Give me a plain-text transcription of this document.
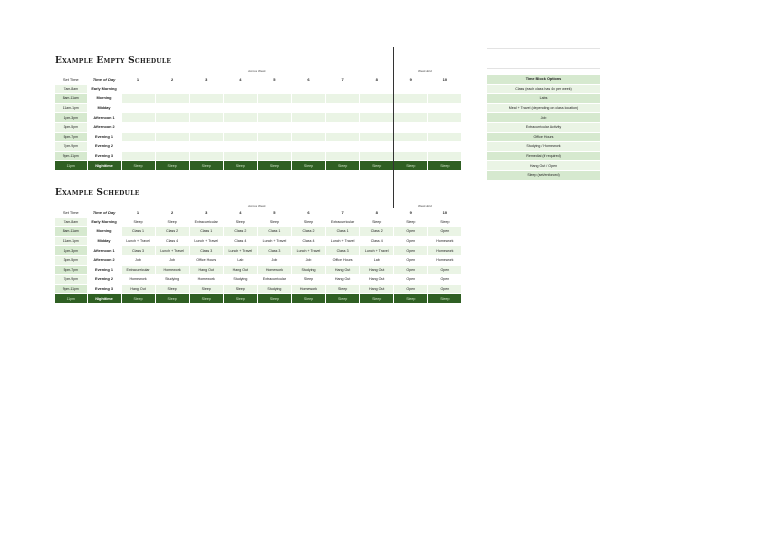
Example Empty Schedule
Across Week	Week End
Set Time	Time of Day	1	2	3	4	5	6	7	8	9	10
7am-8am	Early Morning										
8am-11am	Morning										
11am-1pm	Midday										
1pm-3pm	Afternoon 1										
3pm-5pm	Afternoon 2										
5pm-7pm	Evening 1										
7pm-9pm	Evening 2										
9pm-11pm	Evening 3										
11pm	Nighttime	Sleep	Sleep	Sleep	Sleep	Sleep	Sleep	Sleep	Sleep	Sleep	Sleep
Time Block Options
Class (each class has 4x per week)
Labs
Meal + Travel (depending on class location)
Job
Extracurricular Activity
Office Hours
Studying / Homework
Remedial (if required)
Hang Out / Open
Sleep (set/enforced)
Example Schedule
Across Week	Week End
Set Time	Time of Day	1	2	3	4	5	6	7	8	9	10
7am-8am	Early Morning	Sleep	Sleep	Extracurricular	Sleep	Sleep	Sleep	Extracurricular	Sleep	Sleep	Sleep
8am-11am	Morning	Class 1	Class 2	Class 1	Class 2	Class 1	Class 2	Class 1	Class 2	Open	Open
11am-1pm	Midday	Lunch + Travel	Class 4	Lunch + Travel	Class 4	Lunch + Travel	Class 4	Lunch + Travel	Class 4	Open	Homework
1pm-3pm	Afternoon 1	Class 3	Lunch + Travel	Class 3	Lunch + Travel	Class 3	Lunch + Travel	Class 3	Lunch + Travel	Open	Homework
3pm-5pm	Afternoon 2	Job	Job	Office Hours	Lab	Job	Job	Office Hours	Lab	Open	Homework
5pm-7pm	Evening 1	Extracurricular	Homework	Hang Out	Hang Out	Homework	Studying	Hang Out	Hang Out	Open	Open
7pm-9pm	Evening 2	Homework	Studying	Homework	Studying	Extracurricular	Sleep	Hang Out	Hang Out	Open	Open
9pm-11pm	Evening 3	Hang Out	Sleep	Sleep	Sleep	Studying	Homework	Sleep	Hang Out	Open	Open
11pm	Nighttime	Sleep	Sleep	Sleep	Sleep	Sleep	Sleep	Sleep	Sleep	Sleep	Sleep
